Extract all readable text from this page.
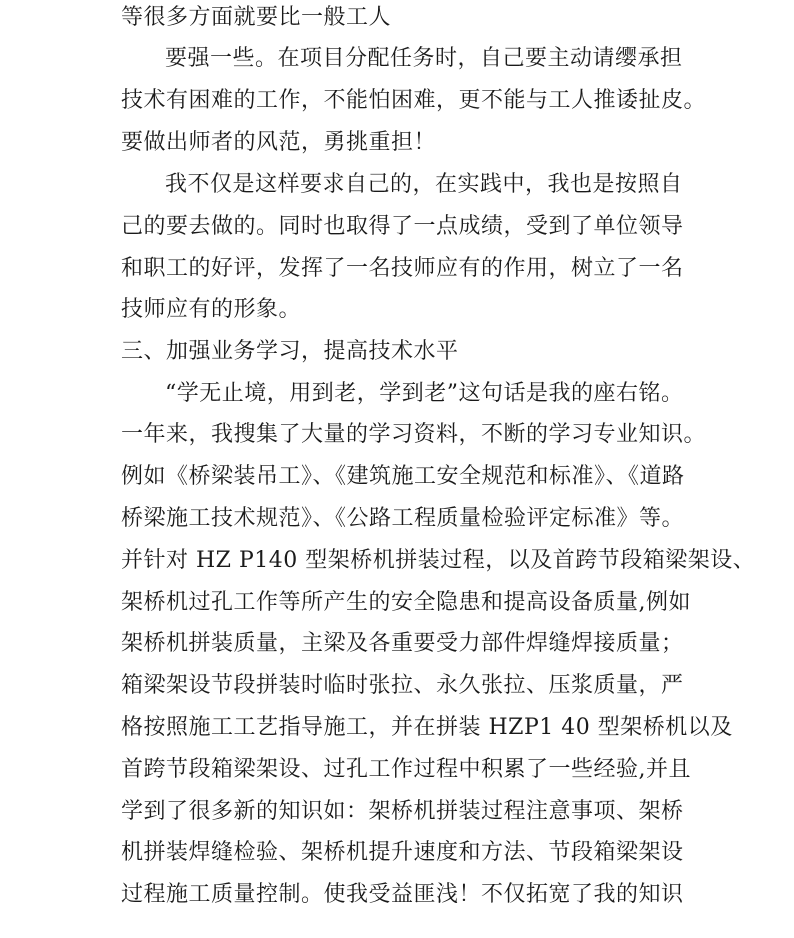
等很多方面就要比一般工人
要强一些。在项目分配任务时，自己要主动请缨承担
技术有困难的工作，不能怕困难，更不能与工人推诿扯皮。
要做出师者的风范，勇挑重担！
我不仅是这样要求自己的，在实践中，我也是按照自
己的要去做的。同时也取得了一点成绩，受到了单位领导
和职工的好评，发挥了一名技师应有的作用，树立了一名
技师应有的形象。
三、加强业务学习，提高技术水平
“学无止境，用到老，学到老”这句话是我的座右铭。
一年来，我搜集了大量的学习资料，不断的学习专业知识。
例如《桥梁装吊工》、《建筑施工安全规范和标准》、《道路
桥梁施工技术规范》、《公路工程质量检验评定标准》等。
并针对 HZ P140 型架桥机拼装过程，以及首跨节段箱梁架设、
架桥机过孔工作等所产生的安全隐患和提高设备质量,例如
架桥机拼装质量，主梁及各重要受力部件焊缝焊接质量；
箱梁架设节段拼装时临时张拉、永久张拉、压浆质量，严
格按照施工工艺指导施工，并在拼装 HZP1 40 型架桥机以及
首跨节段箱梁架设、过孔工作过程中积累了一些经验,并且
学到了很多新的知识如：架桥机拼装过程注意事项、架桥
机拼装焊缝检验、架桥机提升速度和方法、节段箱梁架设
过程施工质量控制。使我受益匪浅！不仅拓宽了我的知识
